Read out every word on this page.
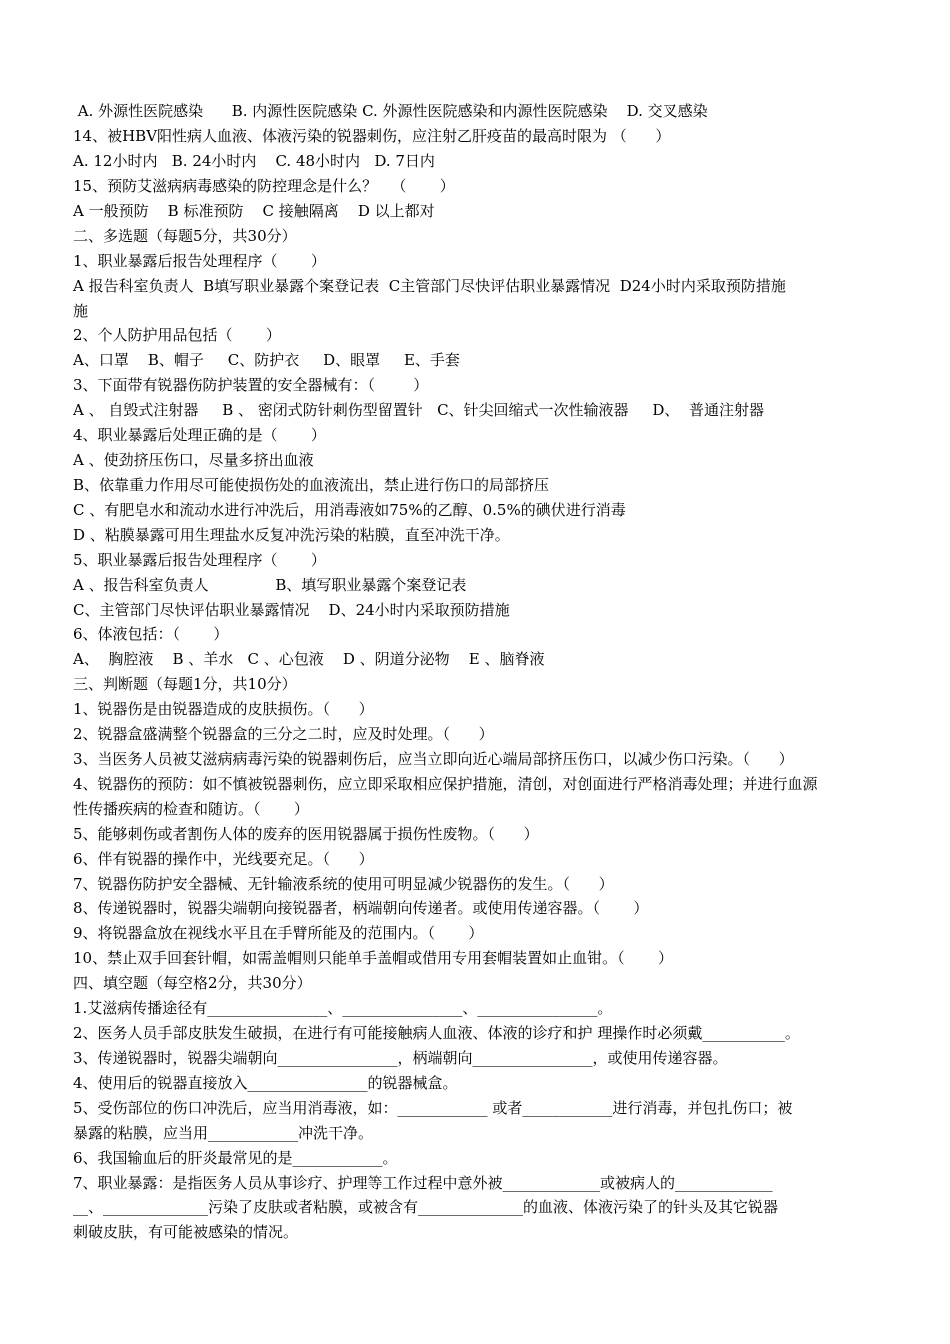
A. 外源性医院感染      B. 内源性医院感染 C. 外源性医院感染和内源性医院感染    D. 交叉感染
14、被HBV阳性病人血液、体液污染的锐器刺伤，应注射乙肝疫苗的最高时限为 （      ）
A. 12小时内   B. 24小时内    C. 48小时内   D. 7日内
15、预防艾滋病病毒感染的防控理念是什么？   （       ）
A 一般预防    B 标准预防    C 接触隔离    D 以上都对
二、多选题（每题5分，共30分）
1、职业暴露后报告处理程序（       ）
A 报告科室负责人  B填写职业暴露个案登记表  C主管部门尽快评估职业暴露情况  D24小时内采取预防措施
施
2、个人防护用品包括（       ）
A、口罩    B、帽子     C、防护衣     D、眼罩     E、手套
3、下面带有锐器伤防护装置的安全器械有：（        ）
A 、 自毁式注射器     B 、 密闭式防针刺伤型留置针   C、针尖回缩式一次性输液器     D、  普通注射器
4、职业暴露后处理正确的是（       ）
A 、使劲挤压伤口，尽量多挤出血液
B、依靠重力作用尽可能使损伤处的血液流出，禁止进行伤口的局部挤压
C 、有肥皂水和流动水进行冲洗后，用消毒液如75%的乙醇、0.5%的碘伏进行消毒
D 、粘膜暴露可用生理盐水反复冲洗污染的粘膜，直至冲洗干净。
5、职业暴露后报告处理程序（       ）
A 、报告科室负责人              B、填写职业暴露个案登记表
C、主管部门尽快评估职业暴露情况    D、24小时内采取预防措施
6、体液包括：（       ）
A、  胸腔液    B 、羊水   C 、心包液    D 、阴道分泌物    E 、脑脊液
三、判断题（每题1分，共10分）
1、锐器伤是由锐器造成的皮肤损伤。（      ）
2、锐器盒盛满整个锐器盒的三分之二时，应及时处理。（      ）
3、当医务人员被艾滋病病毒污染的锐器刺伤后，应当立即向近心端局部挤压伤口，以减少伤口污染。（      ）
4、锐器伤的预防：如不慎被锐器刺伤，应立即采取相应保护措施，清创，对创面进行严格消毒处理；并进行血源
性传播疾病的检查和随访。（       ）
5、能够刺伤或者割伤人体的废弃的医用锐器属于损伤性废物。（      ）
6、伴有锐器的操作中，光线要充足。（      ）
7、锐器伤防护安全器械、无针输液系统的使用可明显减少锐器伤的发生。（      ）
8、传递锐器时，锐器尖端朝向接锐器者，柄端朝向传递者。或使用传递容器。（       ）
9、将锐器盒放在视线水平且在手臂所能及的范围内。（       ）
10、禁止双手回套针帽，如需盖帽则只能单手盖帽或借用专用套帽装置如止血钳。（       ）
四、填空题（每空格2分，共30分）
1.艾滋病传播途径有________________、________________、________________。
2、医务人员手部皮肤发生破损，在进行有可能接触病人血液、体液的诊疗和护 理操作时必须戴___________。
3、传递锐器时，锐器尖端朝向________________，柄端朝向________________，或使用传递容器。
4、使用后的锐器直接放入________________的锐器械盒。
5、受伤部位的伤口冲洗后，应当用消毒液，如：____________ 或者____________进行消毒，并包扎伤口；被
暴露的粘膜，应当用____________冲洗干净。
6、我国输血后的肝炎最常见的是____________。
7、职业暴露：是指医务人员从事诊疗、护理等工作过程中意外被_____________或被病人的_____________
__、______________污染了皮肤或者粘膜，或被含有______________的血液、体液污染了的针头及其它锐器
刺破皮肤，有可能被感染的情况。
